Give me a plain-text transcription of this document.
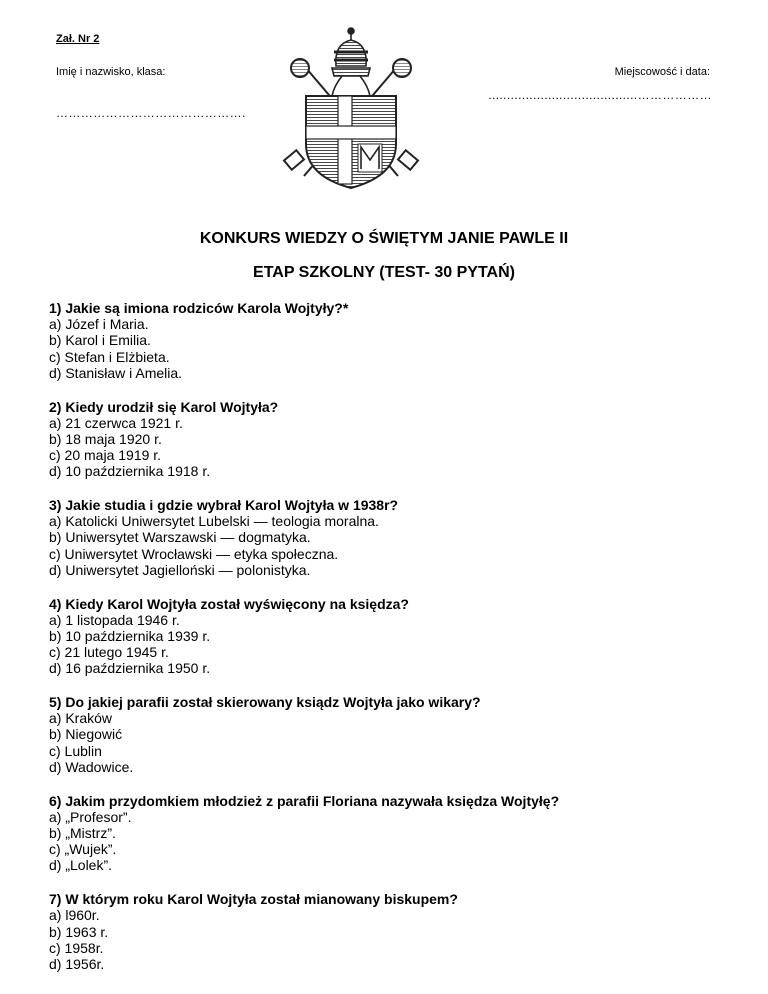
Zał. Nr 2
Imię i nazwisko, klasa:
……………………………………….
Miejscowość i data:
........................................………………
KONKURS WIEDZY O ŚWIĘTYM JANIE PAWLE II
ETAP SZKOLNY (TEST- 30 PYTAŃ)
1) Jakie są imiona rodziców Karola Wojtyły?*
a) Józef i Maria.
b) Karol i Emilia.
c) Stefan i Elżbieta.
d) Stanisław i Amelia.
2) Kiedy urodził się Karol Wojtyła?
a) 21 czerwca 1921 r.
b) 18 maja 1920 r.
c) 20 maja 1919 r.
d) 10 października 1918 r.
3) Jakie studia i gdzie wybrał Karol Wojtyła w 1938r?
a) Katolicki Uniwersytet Lubelski — teologia moralna.
b) Uniwersytet Warszawski — dogmatyka.
c) Uniwersytet Wrocławski — etyka społeczna.
d) Uniwersytet Jagielloński — polonistyka.
4) Kiedy Karol Wojtyła został wyświęcony na księdza?
a) 1 listopada 1946 r.
b) 10 października 1939 r.
c) 21 lutego 1945 r.
d) 16 października 1950 r.
5) Do jakiej parafii został skierowany ksiądz Wojtyła jako wikary?
a) Kraków
b) Niegowić
c) Lublin
d) Wadowice.
6) Jakim przydomkiem młodzież z parafii Floriana nazywała księdza Wojtyłę?
a) „Profesor”.
b) „Mistrz”.
c) „Wujek”.
d) „Lolek”.
7) W którym roku Karol Wojtyła został mianowany biskupem?
a) l960r.
b) 1963 r.
c) 1958r.
d) 1956r.
